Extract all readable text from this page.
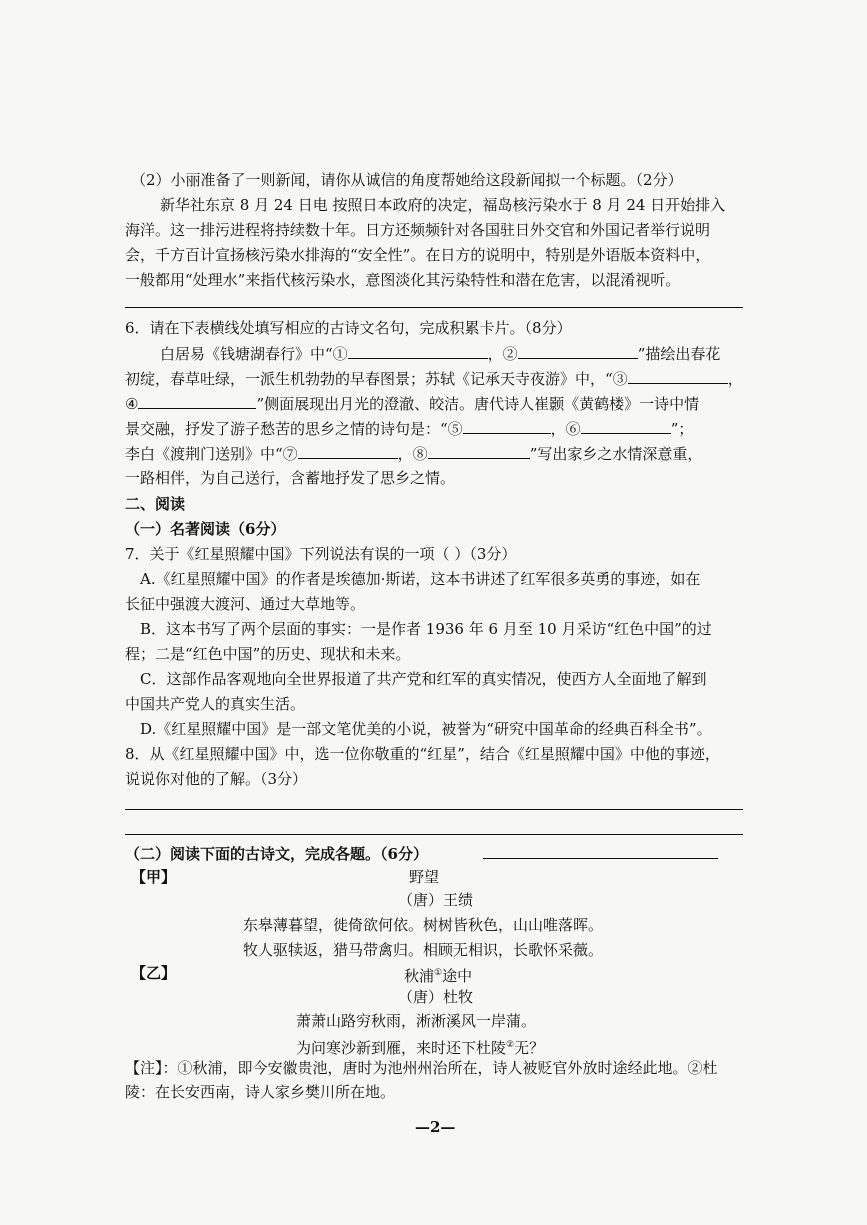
（2）小丽准备了一则新闻，请你从诚信的角度帮她给这段新闻拟一个标题。（2分）
新华社东京 8 月 24 日电 按照日本政府的决定，福岛核污染水于 8 月 24 日开始排入
海洋。这一排污进程将持续数十年。日方还频频针对各国驻日外交官和外国记者举行说明
会，千方百计宣扬核污染水排海的“安全性”。在日方的说明中，特别是外语版本资料中，
一般都用“处理水”来指代核污染水，意图淡化其污染特性和潜在危害，以混淆视听。
6．请在下表横线处填写相应的古诗文名句，完成积累卡片。（8分）
白居易《钱塘湖春行》中“①	，②	”描绘出春花
初绽，春草吐绿，一派生机勃勃的早春图景；苏轼《记承天寺夜游》中，“③	，
④	”侧面展现出月光的澄澈、皎洁。唐代诗人崔颢《黄鹤楼》一诗中情
景交融，抒发了游子愁苦的思乡之情的诗句是：“⑤	，⑥	”；
李白《渡荆门送别》中“⑦	，⑧	”写出家乡之水情深意重，
一路相伴，为自己送行，含蓄地抒发了思乡之情。
二、阅读
（一）名著阅读（6分）
7．关于《红星照耀中国》下列说法有误的一项（ ）（3分）
A.《红星照耀中国》的作者是埃德加·斯诺，这本书讲述了红军很多英勇的事迹，如在
长征中强渡大渡河、通过大草地等。
B．这本书写了两个层面的事实：一是作者 1936 年 6 月至 10 月采访“红色中国”的过
程；二是“红色中国”的历史、现状和未来。
C．这部作品客观地向全世界报道了共产党和红军的真实情况，使西方人全面地了解到
中国共产党人的真实生活。
D.《红星照耀中国》是一部文笔优美的小说，被誉为“研究中国革命的经典百科全书”。
8．从《红星照耀中国》中，选一位你敬重的“红星”，结合《红星照耀中国》中他的事迹，
说说你对他的了解。（3分）
（二）阅读下面的古诗文，完成各题。（6分）
【甲】	野望
（唐）王绩
东皋薄暮望，徙倚欲何依。树树皆秋色，山山唯落晖。
牧人驱犊返，猎马带禽归。相顾无相识，长歌怀采薇。
【乙】	秋浦①途中
（唐）杜牧
萧萧山路穷秋雨，淅淅溪风一岸蒲。
为问寒沙新到雁，来时还下杜陵②无？
【注】：①秋浦，即今安徽贵池，唐时为池州州治所在，诗人被贬官外放时途经此地。②杜
陵：在长安西南，诗人家乡樊川所在地。
—2—
